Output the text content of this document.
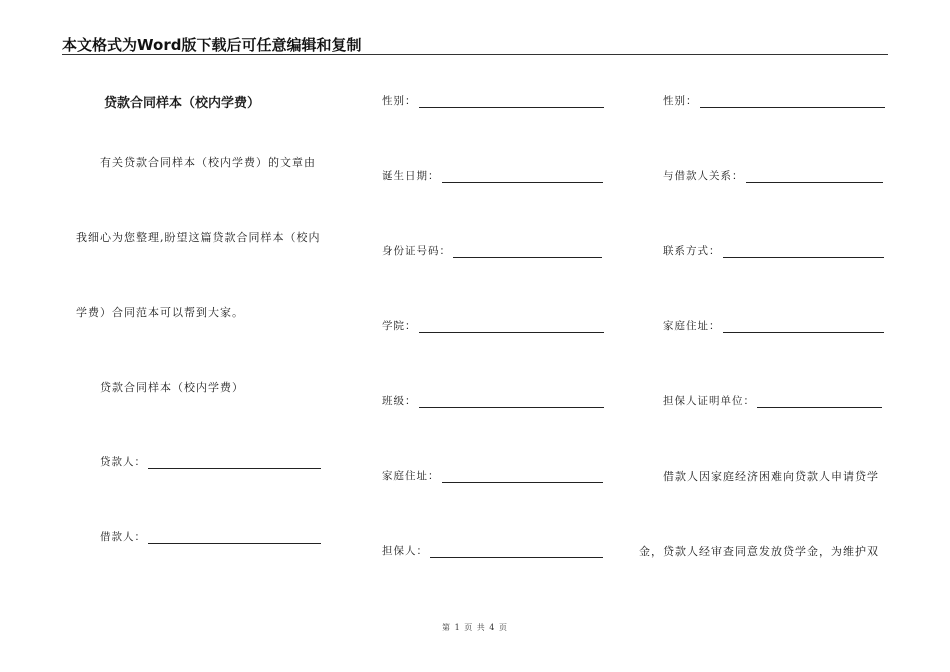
本文格式为Word版下载后可任意编辑和复制
贷款合同样本（校内学费）
有关贷款合同样本（校内学费）的文章由
我细心为您整理,盼望这篇贷款合同样本（校内
学费）合同范本可以帮到大家。
贷款合同样本（校内学费）
贷款人：
借款人：
性别：
诞生日期：
身份证号码：
学院：
班级：
家庭住址：
担保人：
性别：
与借款人关系：
联系方式：
家庭住址：
担保人证明单位：
借款人因家庭经济困难向贷款人申请贷学
金，贷款人经审查同意发放贷学金，为维护双
第 1 页 共 4 页
